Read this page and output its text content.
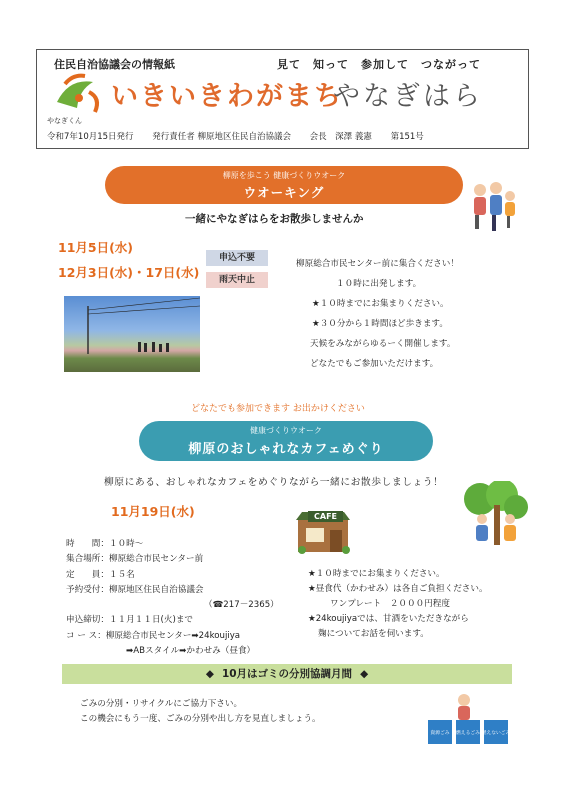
住民自治協議会の情報紙	見て　知って　参加して　つながって
いきいきわがまち
やなぎはら
やなぎくん
令和7年10月15日発行 発行責任者 柳原地区住民自治協議会 会長　深澤 義憲 第151号
柳原を歩こう 健康づくりウオーク
ウオーキング
一緒にやなぎはらをお散歩しませんか
11月5日(水)
12月3日(水)・17日(水)
申込不要
雨天中止
柳原総合市民センター前に集合ください！
１０時に出発します。
★１０時までにお集まりください。
★３０分から１時間ほど歩きます。
天候をみながらゆるーく開催します。
どなたでもご参加いただけます。
どなたでも参加できます お出かけください
健康づくりウオーク
柳原のおしゃれなカフェめぐり
柳原にある、おしゃれなカフェをめぐりながら一緒にお散歩しましょう！
11月19日(水)	CAFE
時　　間：１０時～
集合場所：柳原総合市民センター前
定　　員：１５名
予約受付：柳原地区住民自治協議会
（☎217－2365）
申込締切：１１月１１日(火)まで
コ ー ス：柳原総合市民センター➡24koujiya
➡ABスタイル➡かわせみ（昼食）
★１０時までにお集まりください。
★昼食代（かわせみ）は各自ご負担ください。
ワンプレート　２０００円程度
★24koujiyaでは、甘酒をいただきながら
麹についてお話を伺います。
◆ 10月はゴミの分別協調月間 ◆
ごみの分別・リサイクルにご協力下さい。
この機会にもう一度、ごみの分別や出し方を見直しましょう。
資源ごみ 燃えるごみ 燃えないごみ
